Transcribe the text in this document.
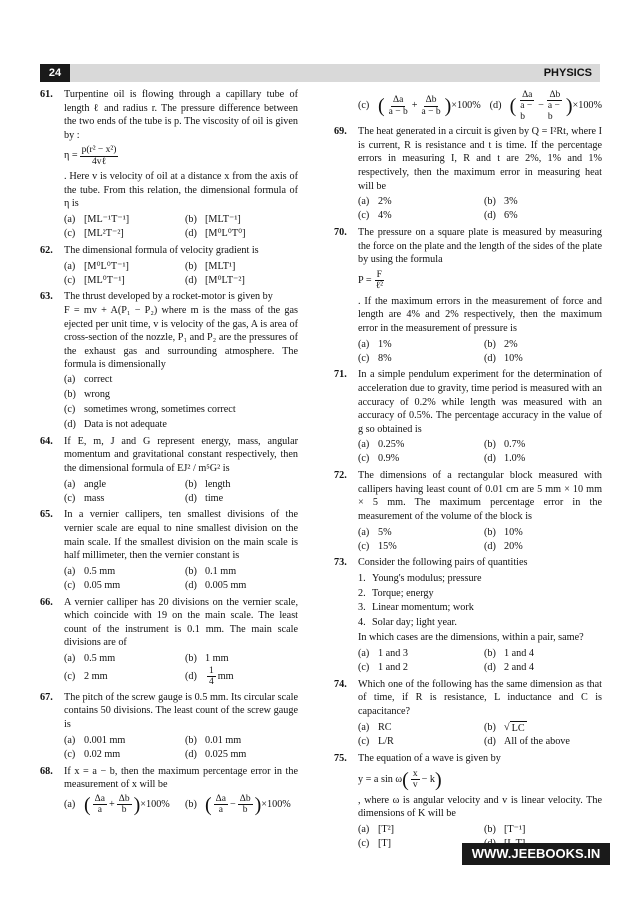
24	PHYSICS
61. Turpentine oil is flowing through a capillary tube of length ℓ and radius r. The pressure difference between the two ends of the tube is p. The viscosity of oil is given by :
$\eta = \frac{\text{p(r² − x²)}}{\text{4vℓ}}$
. Here v is velocity of oil at a distance x from the axis of the tube. From this relation, the dimensional formula of η is
(a) [ML⁻¹T⁻¹]	(b) [MLT⁻¹]
(c) [ML²T⁻²]	(d) [M⁰L⁰T⁰]
62. The dimensional formula of velocity gradient is
(a) [M⁰L⁰T⁻¹]	(b) [MLT¹]
(c) [ML⁰T⁻¹]	(d) [M⁰LT⁻²]
63. The thrust developed by a rocket-motor is given by
F = mv + A(P₁ − P₂) where m is the mass of the gas ejected per unit time, v is velocity of the gas, A is area of cross-section of the nozzle, P₁ and P₂ are the pressures of the exhaust gas and surrounding atmosphere. The formula is dimensionally
(a) correct
(b) wrong
(c) sometimes wrong, sometimes correct
(d) Data is not adequate
64. If E, m, J and G represent energy, mass, angular momentum and gravitational constant respectively, then the dimensional formula of EJ² / m⁵G² is
(a) angle	(b) length
(c) mass	(d) time
65. In a vernier callipers, ten smallest divisions of the vernier scale are equal to nine smallest division on the main scale. If the smallest division on the main scale is half millimeter, then the vernier constant is
(a) 0.5 mm	(b) 0.1 mm
(c) 0.05 mm	(d) 0.005 mm
66. A vernier calliper has 20 divisions on the vernier scale, which coincide with 19 on the main scale. The least count of the instrument is 0.1 mm. The main scale divisions are of
(a) 0.5 mm	(b) 1 mm
(c) 2 mm	(d)	$\frac{1}{4}$ mm
67. The pitch of the screw gauge is 0.5 mm. Its circular scale contains 50 divisions. The least count of the screw gauge is
(a) 0.001 mm	(b) 0.01 mm
(c) 0.02 mm	(d) 0.025 mm
68. If x = a − b, then the maximum percentage error in the measurement of x will be
(a) ( $\frac{\Delta a}{a} + \frac{\Delta b}{b}$ ) ×100% (b) ( $\frac{\Delta a}{a} - \frac{\Delta b}{b}$ ) ×100%
(c) ( $\frac{\Delta a}{a - b} + \frac{\Delta b}{a - b}$ ) ×100% (d) ( $\frac{\Delta a}{a - b} - \frac{\Delta b}{a - b}$ ) ×100%
69. The heat generated in a circuit is given by Q = I²Rt, where I is current, R is resistance and t is time. If the percentage errors in measuring I, R and t are 2%, 1% and 1% respectively, then the maximum error in measuring heat will be
(a) 2%	(b) 3%
(c) 4%	(d) 6%
70. The pressure on a square plate is measured by measuring the force on the plate and the length of the sides of the plate by using the formula
$P = \frac{F}{\text{ℓ²}}$
. If the maximum errors in the measurement of force and length are 4% and 2% respectively, then the maximum error in the measurement of pressure is
(a) 1%	(b) 2%
(c) 8%	(d) 10%
71. In a simple pendulum experiment for the determination of acceleration due to gravity, time period is measured with an accuracy of 0.2% while length was measured with an accuracy of 0.5%. The percentage accuracy in the value of g so obtained is
(a) 0.25%	(b) 0.7%
(c) 0.9%	(d) 1.0%
72. The dimensions of a rectangular block measured with callipers having least count of 0.01 cm are 5 mm × 10 mm × 5 mm. The maximum percentage error in the measurement of the volume of the block is
(a) 5%	(b) 10%
(c) 15%	(d) 20%
73. Consider the following pairs of quantities
1. Young's modulus; pressure
2. Torque; energy
3. Linear momentum; work
4. Solar day; light year.
In which cases are the dimensions, within a pair, same?
(a) 1 and 3	(b) 1 and 4
(c) 1 and 2	(d) 2 and 4
74. Which one of the following has the same dimension as that of time, if R is resistance, L inductance and C is capacitance?
(a) RC	(b) √ LC
(c) L/R	(d) All of the above
75. The equation of a wave is given by
y = a sin ω ( $\frac{x}{v} - k$ )
, where ω is angular velocity and v is linear velocity. The dimensions of K will be
(a) [T²]	(b) [T⁻¹]
(c) [T]
WWW.JEEBOOKS.IN
